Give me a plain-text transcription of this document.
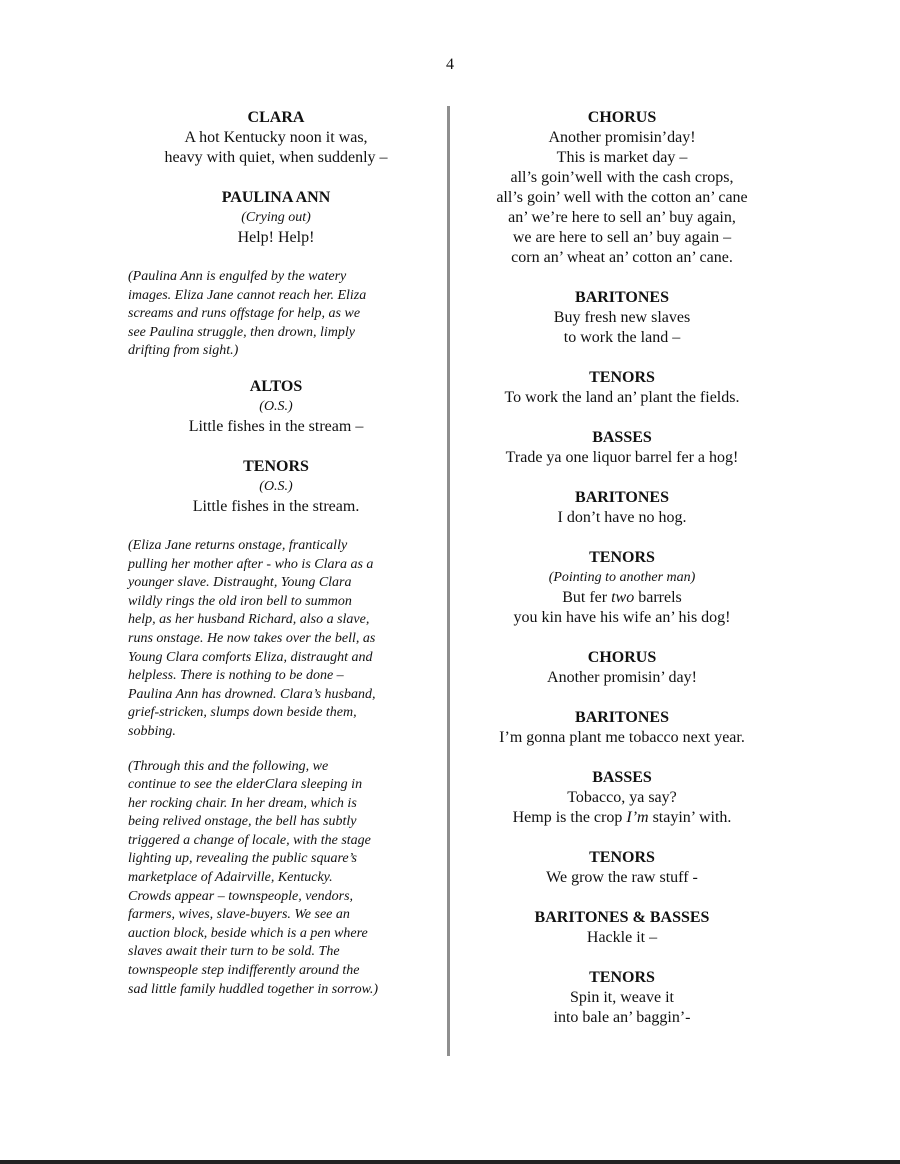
4
CLARA
A hot Kentucky noon it was,
heavy with quiet, when suddenly –
PAULINA ANN
(Crying out)
Help! Help!
(Paulina Ann is engulfed by the watery
images. Eliza Jane cannot reach her. Eliza
screams and runs offstage for help, as we
see Paulina struggle, then drown, limply
drifting from sight.)
ALTOS
(O.S.)
Little fishes in the stream –
TENORS
(O.S.)
Little fishes in the stream.
(Eliza Jane returns onstage, frantically
pulling her mother after - who is Clara as a
younger slave. Distraught, Young Clara
wildly rings the old iron bell to summon
help, as her husband Richard, also a slave,
runs onstage. He now takes over the bell, as
Young Clara comforts Eliza, distraught and
helpless. There is nothing to be done –
Paulina Ann has drowned. Clara’s husband,
grief-stricken, slumps down beside them,
sobbing.
(Through this and the following, we
continue to see the elderClara sleeping in
her rocking chair. In her dream, which is
being relived onstage, the bell has subtly
triggered a change of locale, with the stage
lighting up, revealing the public square’s
marketplace of Adairville, Kentucky.
Crowds appear – townspeople, vendors,
farmers, wives, slave-buyers. We see an
auction block, beside which is a pen where
slaves await their turn to be sold. The
townspeople step indifferently around the
sad little family huddled together in sorrow.)
CHORUS
Another promisin’day!
This is market day –
all’s goin’well with the cash crops,
all’s goin’ well with the cotton an’ cane
an’ we’re here to sell an’ buy again,
we are here to sell an’ buy again –
corn an’ wheat an’ cotton an’ cane.
BARITONES
Buy fresh new slaves
to work the land –
TENORS
To work the land an’ plant the fields.
BASSES
Trade ya one liquor barrel fer a hog!
BARITONES
I don’t have no hog.
TENORS
(Pointing to another man)
But fer two barrels
you kin have his wife an’ his dog!
CHORUS
Another promisin’ day!
BARITONES
I’m gonna plant me tobacco next year.
BASSES
Tobacco, ya say?
Hemp is the crop I’m stayin’ with.
TENORS
We grow the raw stuff -
BARITONES & BASSES
Hackle it –
TENORS
Spin it, weave it
into bale an’ baggin’-
